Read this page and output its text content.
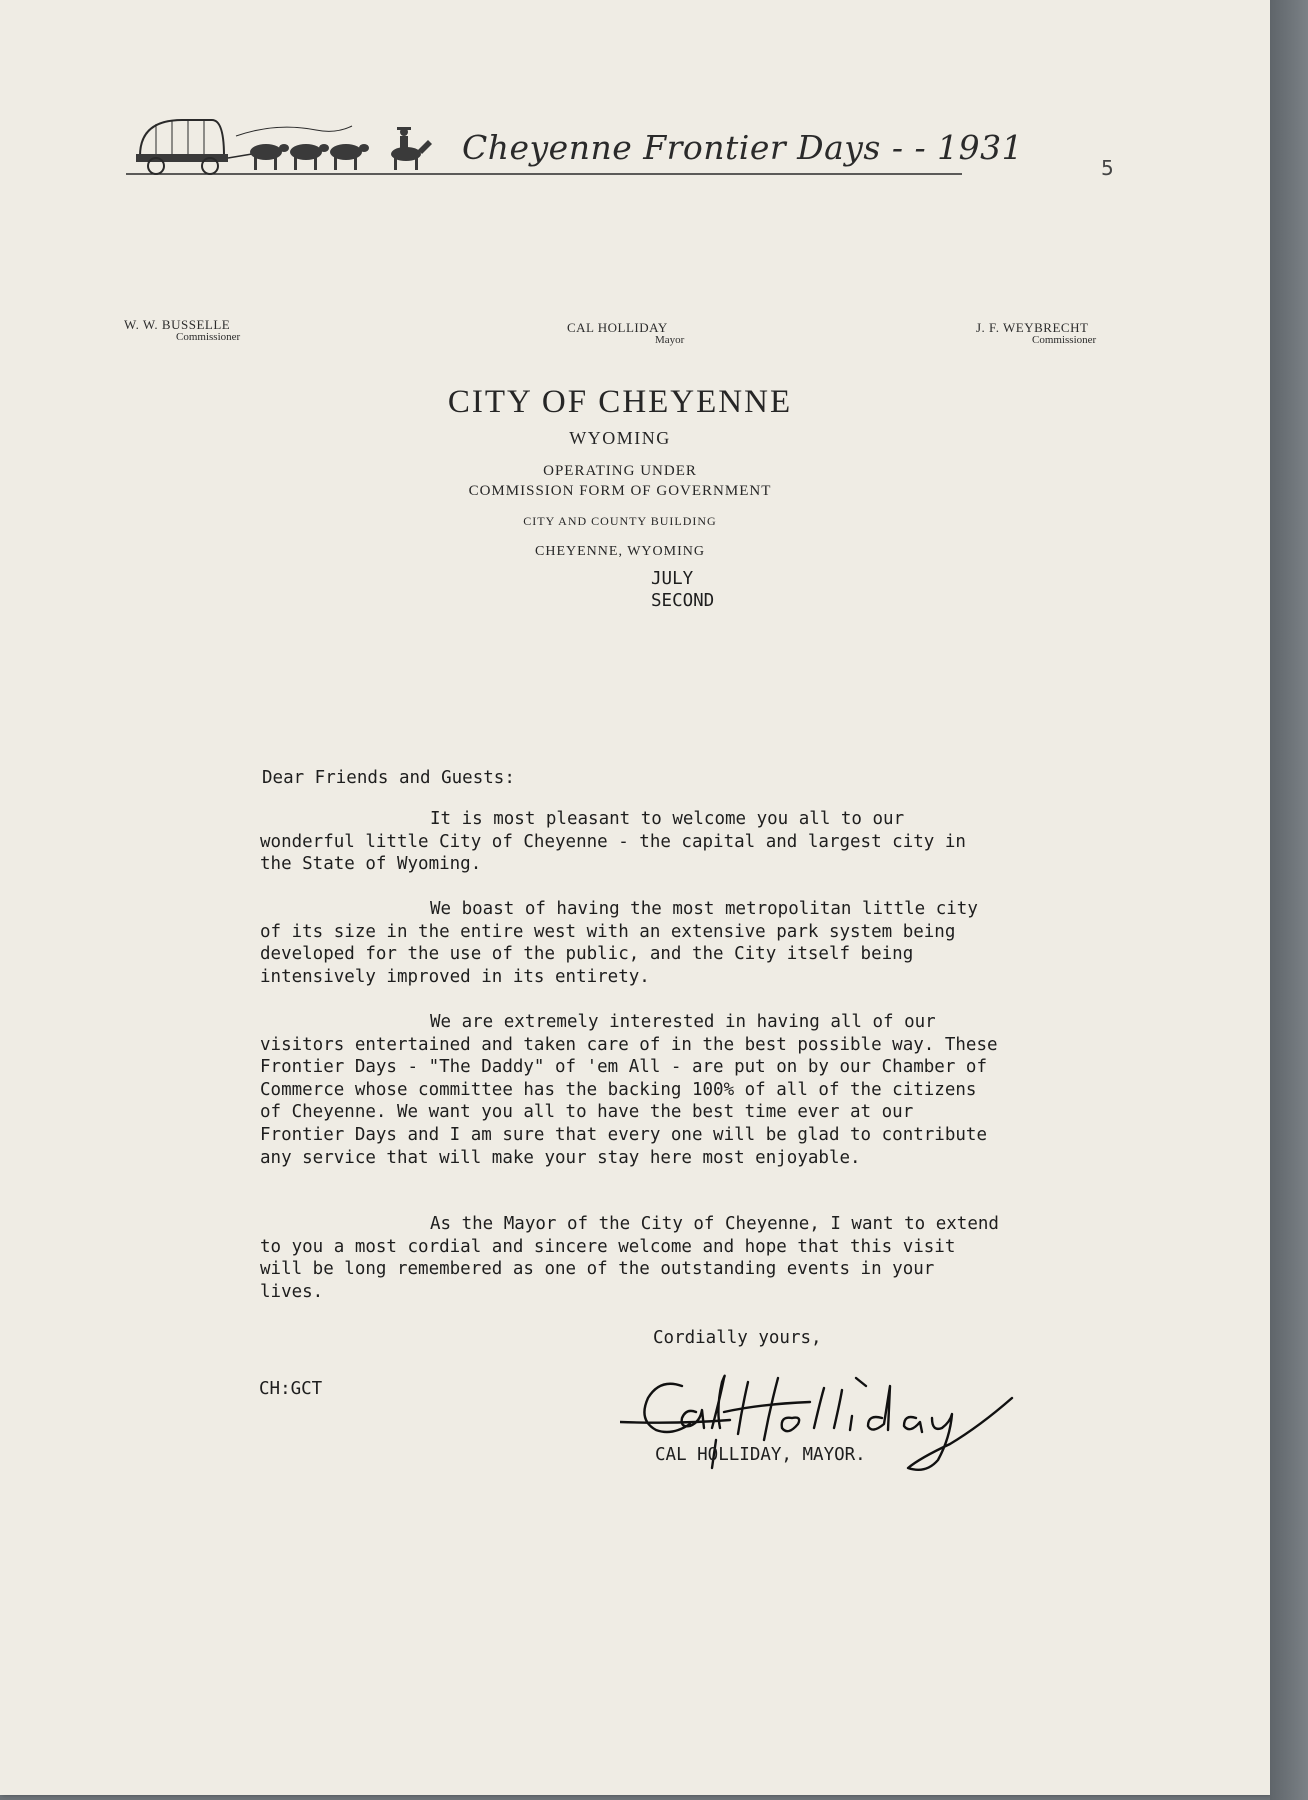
Cheyenne Frontier Days - - 1931
5
W. W. BUSSELLE
Commissioner
CAL HOLLIDAY
Mayor
J. F. WEYBRECHT
Commissioner
CITY OF CHEYENNE
WYOMING
OPERATING UNDER
COMMISSION FORM OF GOVERNMENT
CITY AND COUNTY BUILDING
CHEYENNE, WYOMING
JULY
SECOND
Dear Friends and Guests:
It is most pleasant to welcome you all to our wonderful little City of Cheyenne - the capital and largest city in the State of Wyoming.
We boast of having the most metropolitan little city of its size in the entire west with an extensive park system being developed for the use of the public, and the City itself being intensively improved in its entirety.
We are extremely interested in having all of our visitors entertained and taken care of in the best possible way. These Frontier Days - "The Daddy" of 'em All - are put on by our Chamber of Commerce whose committee has the backing 100% of all of the citizens of Cheyenne. We want you all to have the best time ever at our Frontier Days and I am sure that every one will be glad to contribute any service that will make your stay here most enjoyable.
As the Mayor of the City of Cheyenne, I want to extend to you a most cordial and sincere welcome and hope that this visit will be long remembered as one of the outstanding events in your lives.
Cordially yours,
CH:GCT
CAL HOLLIDAY, MAYOR.
